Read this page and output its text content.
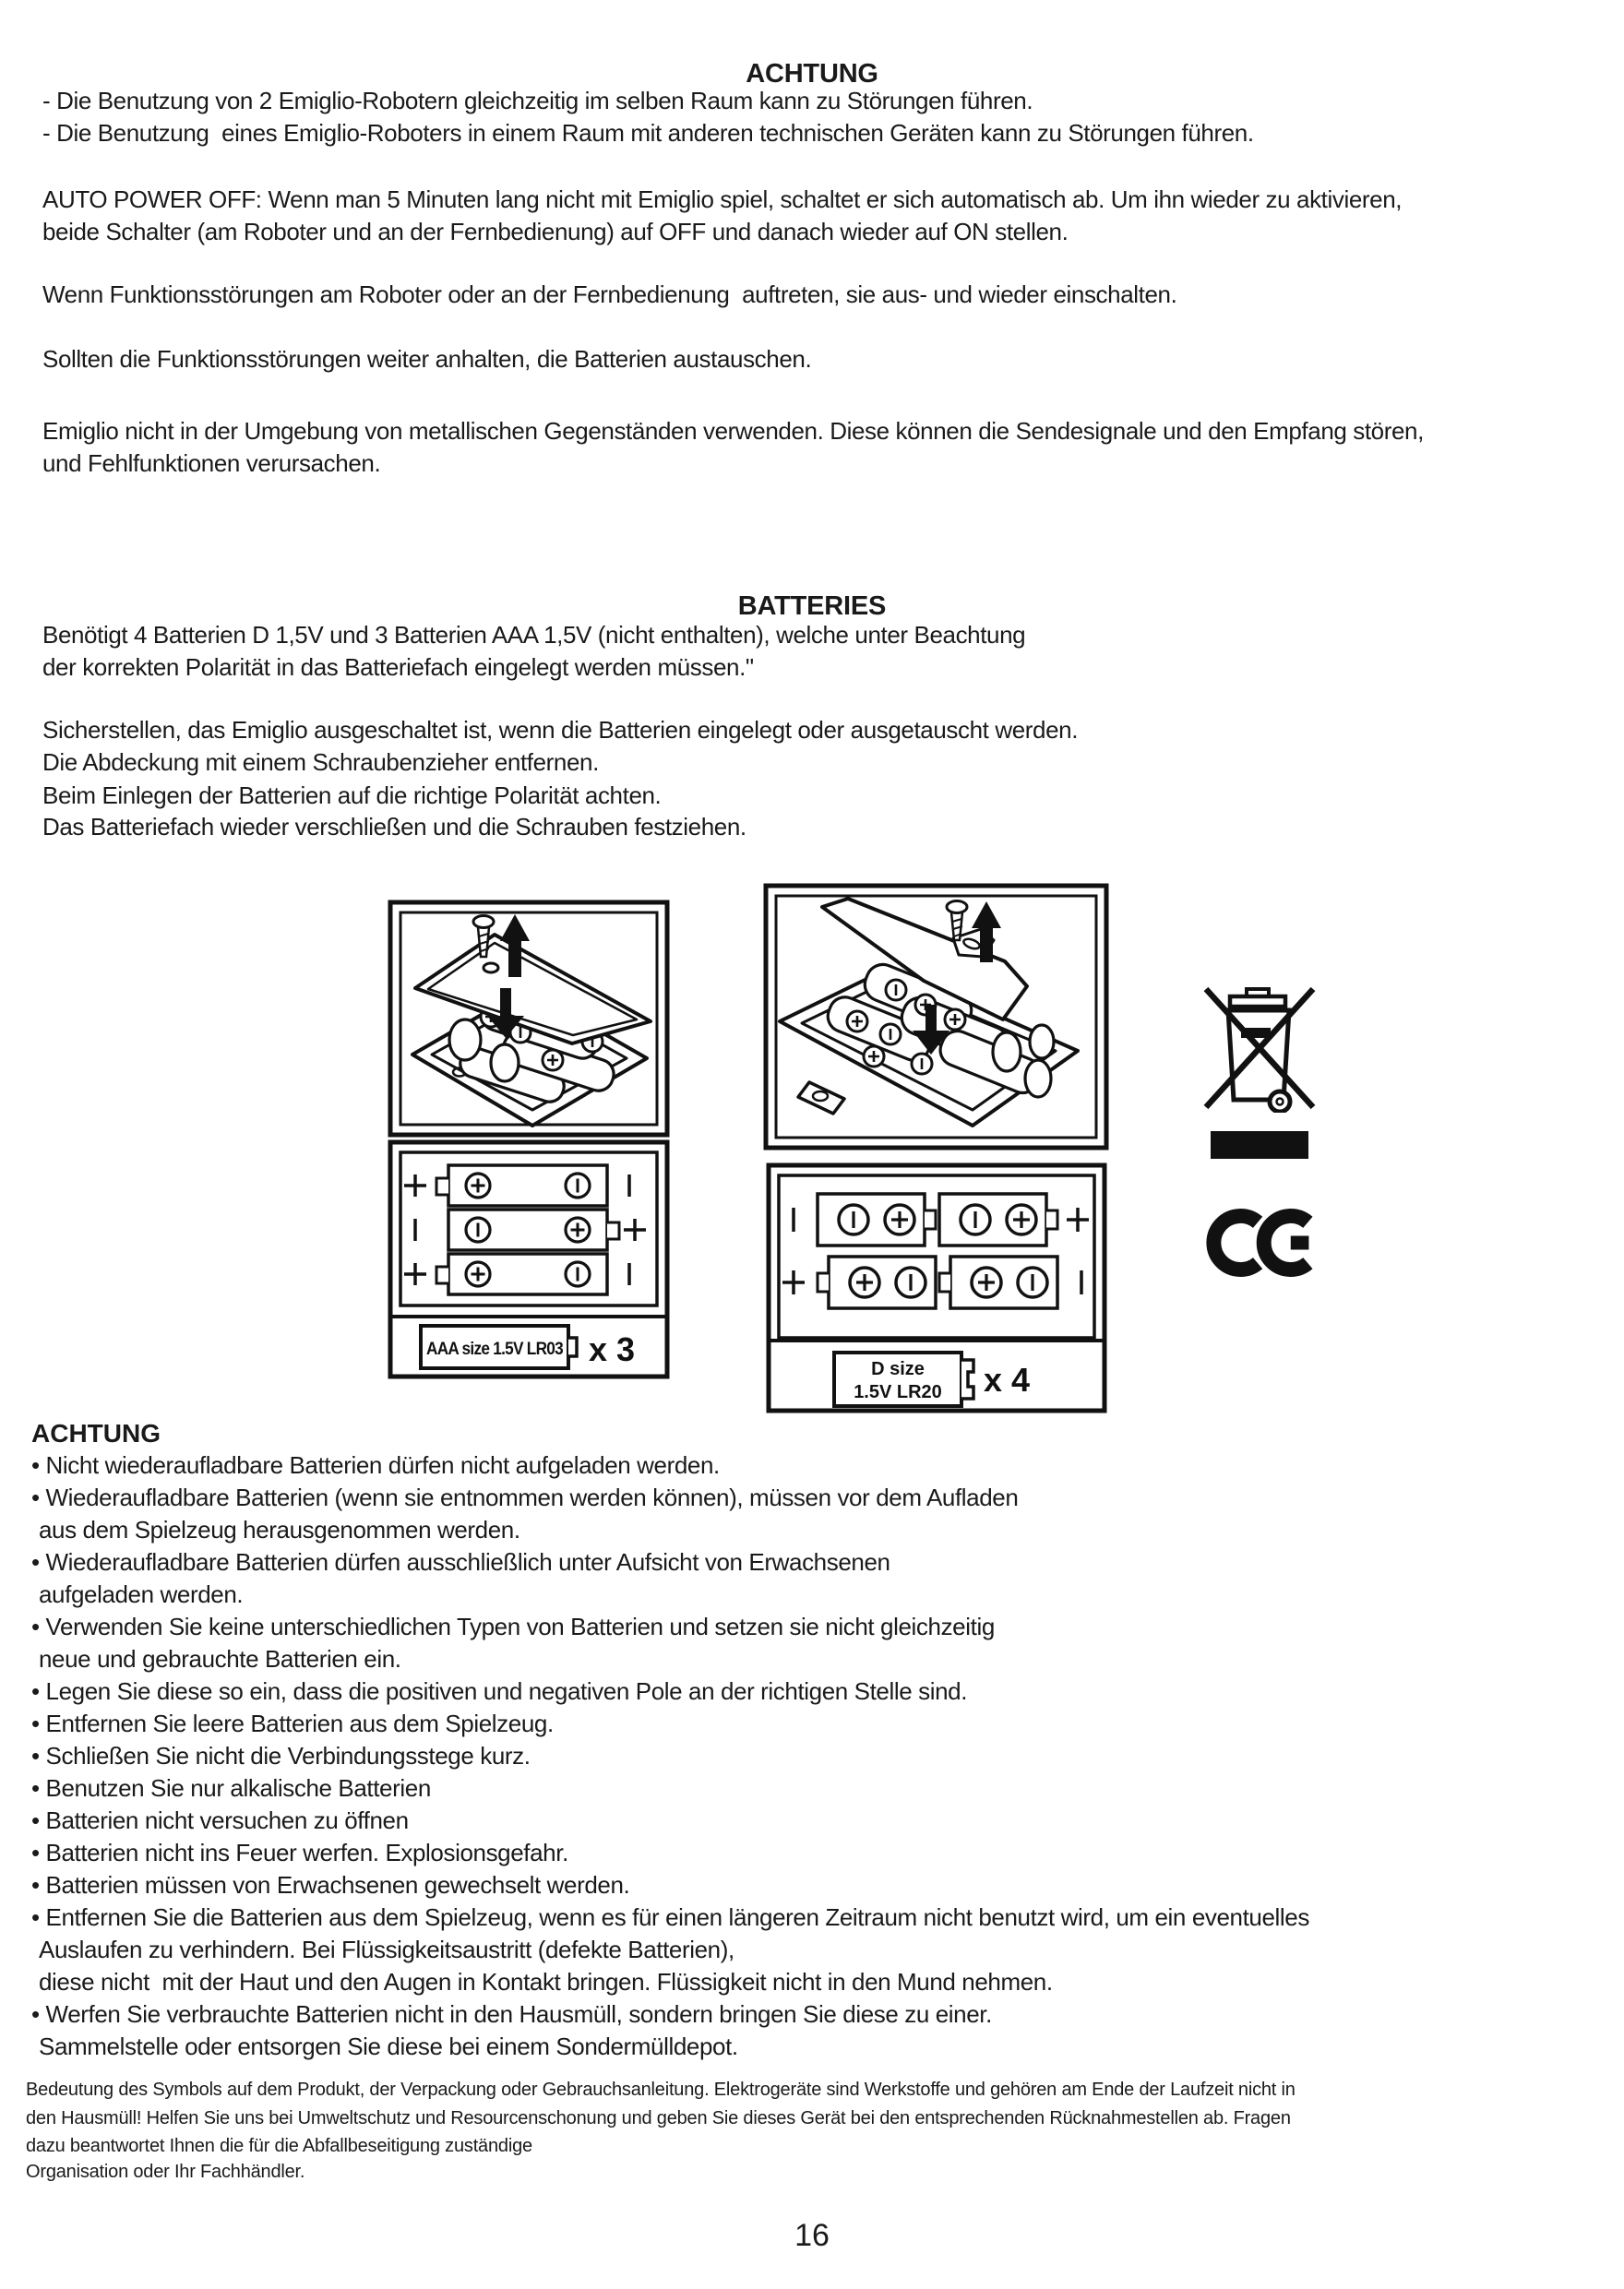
ACHTUNG
- Die Benutzung von 2 Emiglio-Robotern gleichzeitig im selben Raum kann zu Störungen führen.
- Die Benutzung  eines Emiglio-Roboters in einem Raum mit anderen technischen Geräten kann zu Störungen führen.
AUTO POWER OFF: Wenn man 5 Minuten lang nicht mit Emiglio spiel, schaltet er sich automatisch ab. Um ihn wieder zu aktivieren,
beide Schalter (am Roboter und an der Fernbedienung) auf OFF und danach wieder auf ON stellen.
Wenn Funktionsstörungen am Roboter oder an der Fernbedienung  auftreten, sie aus- und wieder einschalten.
Sollten die Funktionsstörungen weiter anhalten, die Batterien austauschen.
Emiglio nicht in der Umgebung von metallischen Gegenständen verwenden. Diese können die Sendesignale und den Empfang stören,
und Fehlfunktionen verursachen.
BATTERIES
Benötigt 4 Batterien D 1,5V und 3 Batterien AAA 1,5V (nicht enthalten), welche unter Beachtung
der korrekten Polarität in das Batteriefach eingelegt werden müssen."
Sicherstellen, das Emiglio ausgeschaltet ist, wenn die Batterien eingelegt oder ausgetauscht werden.
Die Abdeckung mit einem Schraubenzieher entfernen.
Beim Einlegen der Batterien auf die richtige Polarität achten.
Das Batteriefach wieder verschließen und die Schrauben festziehen.
AAA size 1.5V LR03 x 3
D size
1.5V LR20 x 4
ACHTUNG
• Nicht wiederaufladbare Batterien dürfen nicht aufgeladen werden.
• Wiederaufladbare Batterien (wenn sie entnommen werden können), müssen vor dem Aufladen
aus dem Spielzeug herausgenommen werden.
• Wiederaufladbare Batterien dürfen ausschließlich unter Aufsicht von Erwachsenen
aufgeladen werden.
• Verwenden Sie keine unterschiedlichen Typen von Batterien und setzen sie nicht gleichzeitig
neue und gebrauchte Batterien ein.
• Legen Sie diese so ein, dass die positiven und negativen Pole an der richtigen Stelle sind.
• Entfernen Sie leere Batterien aus dem Spielzeug.
• Schließen Sie nicht die Verbindungsstege kurz.
• Benutzen Sie nur alkalische Batterien
• Batterien nicht versuchen zu öffnen
• Batterien nicht ins Feuer werfen. Explosionsgefahr.
• Batterien müssen von Erwachsenen gewechselt werden.
• Entfernen Sie die Batterien aus dem Spielzeug, wenn es für einen längeren Zeitraum nicht benutzt wird, um ein eventuelles
Auslaufen zu verhindern. Bei Flüssigkeitsaustritt (defekte Batterien),
diese nicht  mit der Haut und den Augen in Kontakt bringen. Flüssigkeit nicht in den Mund nehmen.
• Werfen Sie verbrauchte Batterien nicht in den Hausmüll, sondern bringen Sie diese zu einer.
Sammelstelle oder entsorgen Sie diese bei einem Sondermülldepot.
Bedeutung des Symbols auf dem Produkt, der Verpackung oder Gebrauchsanleitung. Elektrogeräte sind Werkstoffe und gehören am Ende der Laufzeit nicht in
den Hausmüll! Helfen Sie uns bei Umweltschutz und Resourcenschonung und geben Sie dieses Gerät bei den entsprechenden Rücknahmestellen ab. Fragen
dazu beantwortet Ihnen die für die Abfallbeseitigung zuständige
Organisation oder Ihr Fachhändler.
16
